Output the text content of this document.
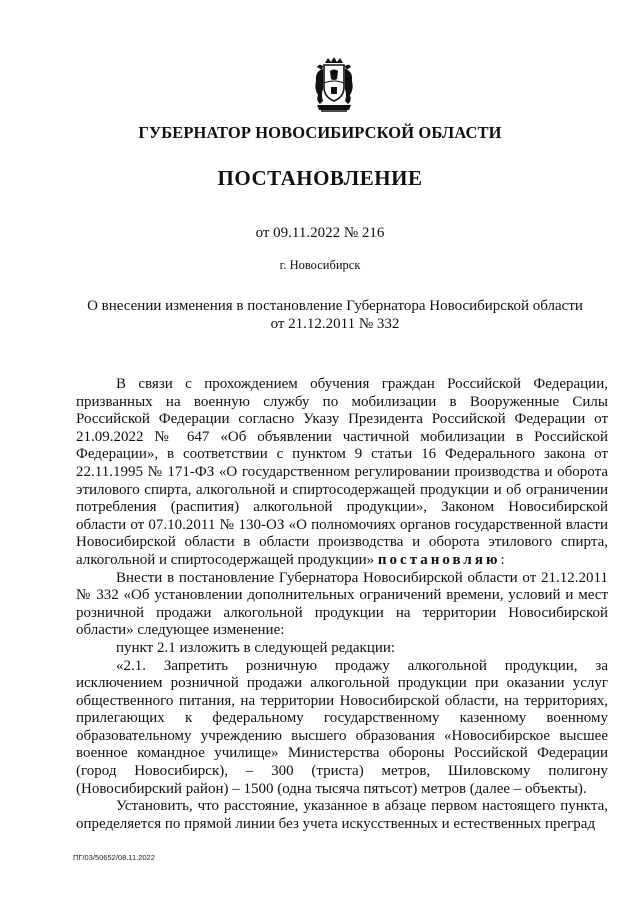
ГУБЕРНАТОР НОВОСИБИРСКОЙ ОБЛАСТИ
ПОСТАНОВЛЕНИЕ
от 09.11.2022 № 216
г. Новосибирск
О внесении изменения в постановление Губернатора Новосибирской области
от 21.12.2011 № 332

В связи с прохождением обучения граждан Российской Федерации, призванных на военную службу по мобилизации в Вооруженные Силы Российской Федерации согласно Указу Президента Российской Федерации от 21.09.2022 № 647 «Об объявлении частичной мобилизации в Российской Федерации», в соответствии с пунктом 9 статьи 16 Федерального закона от 22.11.1995 № 171-ФЗ «О государственном регулировании производства и оборота этилового спирта, алкогольной и спиртосодержащей продукции и об ограничении потребления (распития) алкогольной продукции», Законом Новосибирской области от 07.10.2011 № 130-ОЗ «О полномочиях органов государственной власти Новосибирской области в области производства и оборота этилового спирта, алкогольной и спиртосодержащей продукции» постановляю:

Внести в постановление Губернатора Новосибирской области от 21.12.2011 № 332 «Об установлении дополнительных ограничений времени, условий и мест розничной продажи алкогольной продукции на территории Новосибирской области» следующее изменение:

пункт 2.1 изложить в следующей редакции:

«2.1. Запретить розничную продажу алкогольной продукции, за исключением розничной продажи алкогольной продукции при оказании услуг общественного питания, на территории Новосибирской области, на территориях, прилегающих к федеральному государственному казенному военному образовательному учреждению высшего образования «Новосибирское высшее военное командное училище» Министерства обороны Российской Федерации (город Новосибирск), – 300 (триста) метров, Шиловскому полигону (Новосибирский район) – 1500 (одна тысяча пятьсот) метров (далее – объекты).

Установить, что расстояние, указанное в абзаце первом настоящего пункта, определяется по прямой линии без учета искусственных и естественных преград

ПГ/03/50652/08.11.2022
